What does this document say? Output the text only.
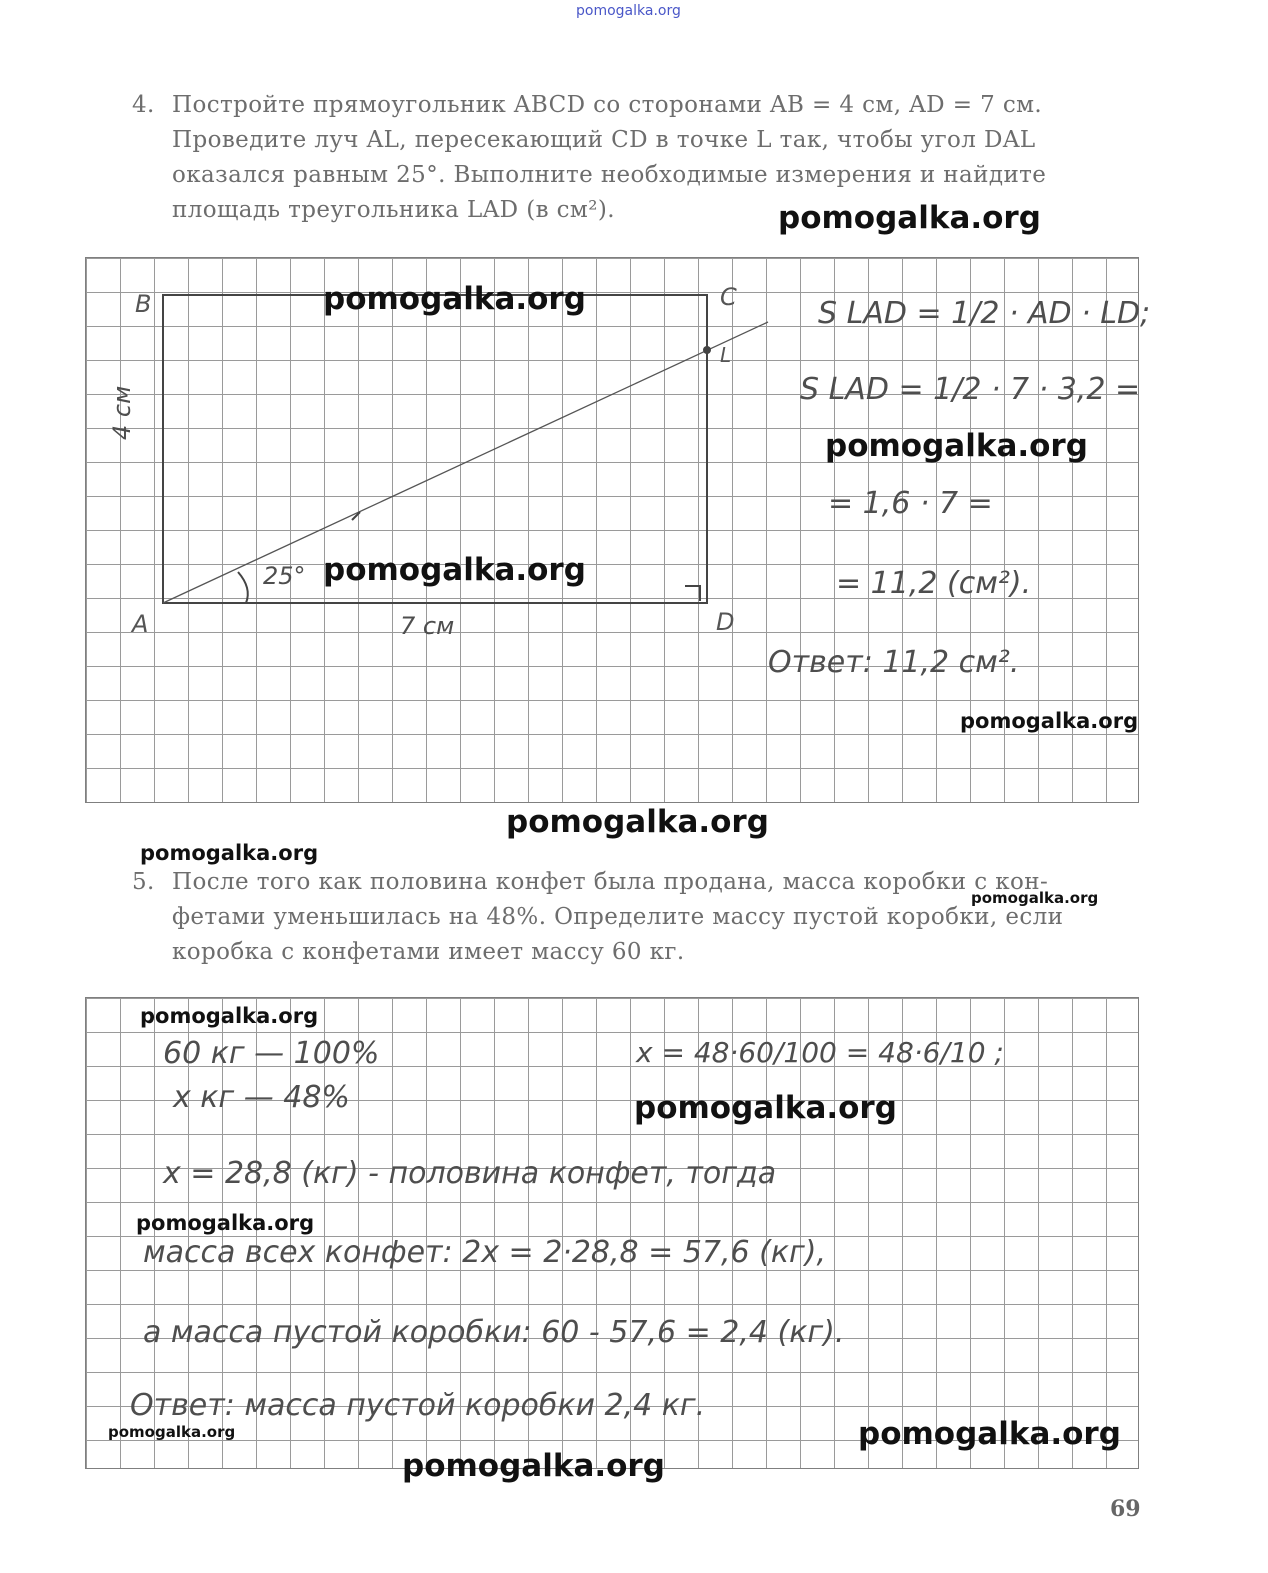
pomogalka.org
4. Постройте прямоугольник ABCD со сторонами AB = 4 см, AD = 7 см.
Проведите луч AL, пересекающий CD в точке L так, чтобы угол DAL
оказался равным 25°. Выполните необходимые измерения и найдите
площадь треугольника LAD (в см²).
B	C
L
A	D
4 см
7 см
25°
S LAD = 1/2 · AD · LD;
S LAD = 1/2 · 7 · 3,2 =
= 1,6 · 7 =
= 11,2 (см²).
Ответ: 11,2 см².
5. После того как половина конфет была продана, масса коробки с кон-
фетами уменьшилась на 48%. Определите массу пустой коробки, если
коробка с конфетами имеет массу 60 кг.
60 кг — 100%
x кг — 48%
x = 48·60/100 = 48·6/10 ;
x = 28,8 (кг) - половина конфет, тогда
масса всех конфет: 2x = 2·28,8 = 57,6 (кг),
а масса пустой коробки: 60 - 57,6 = 2,4 (кг).
Ответ: масса пустой коробки 2,4 кг.
pomogalka.org
pomogalka.org
pomogalka.org
pomogalka.org
pomogalka.org
pomogalka.org
pomogalka.org
pomogalka.org
pomogalka.org
pomogalka.org
pomogalka.org
pomogalka.org	pomogalka.org
pomogalka.org
69
